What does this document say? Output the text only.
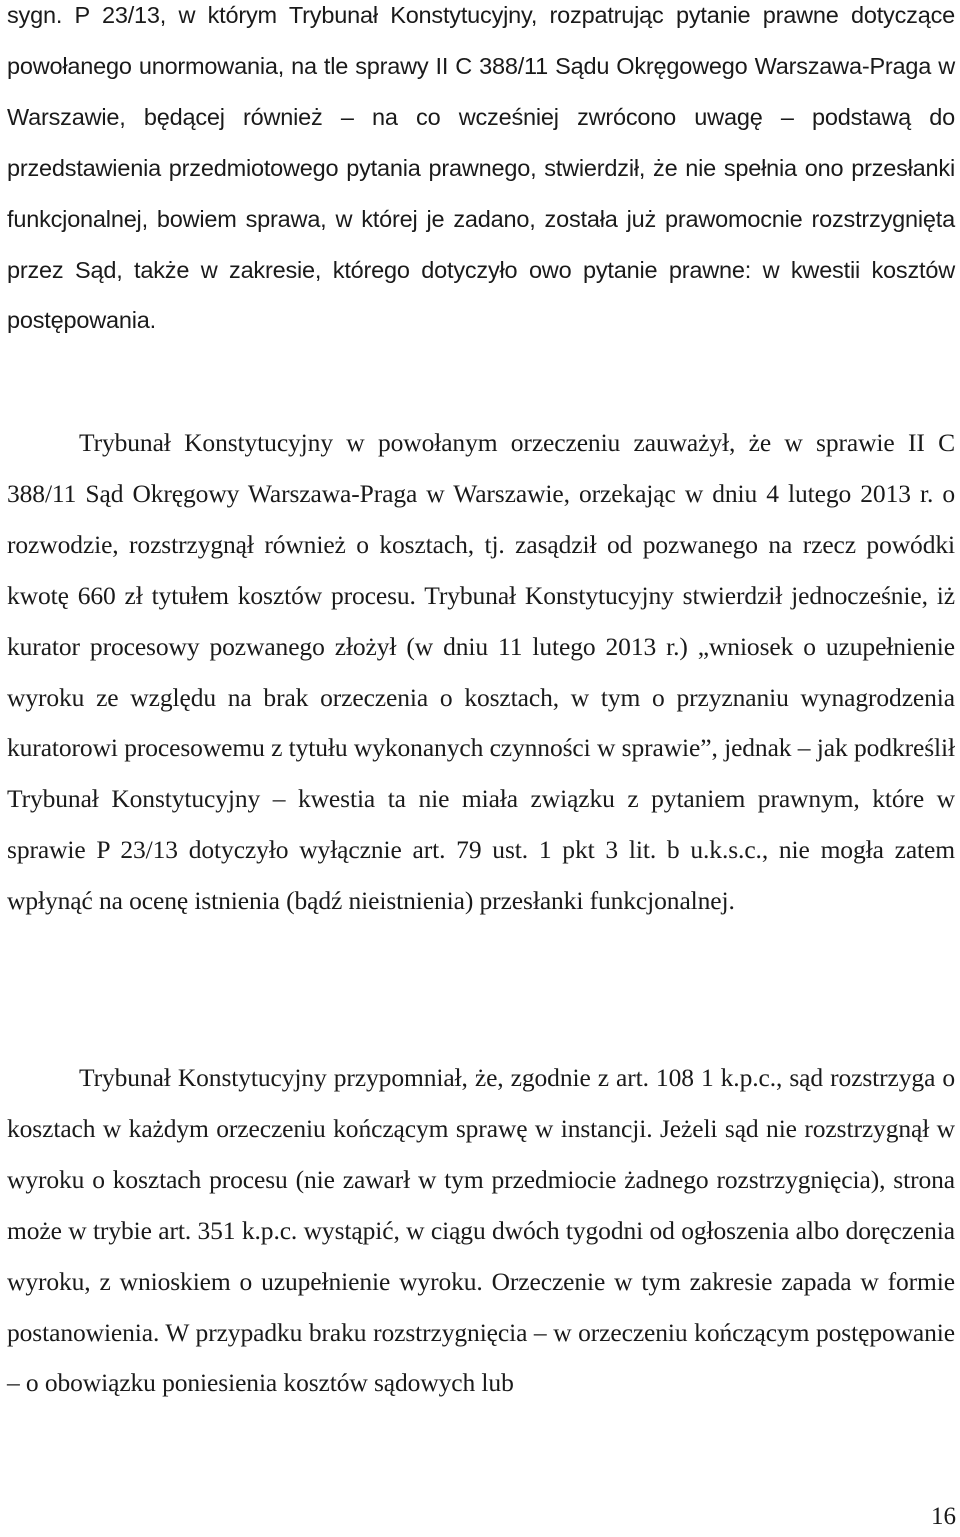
sygn. P 23/13, w którym Trybunał Konstytucyjny, rozpatrując pytanie prawne dotyczące powołanego unormowania, na tle sprawy II C 388/11 Sądu Okręgowego Warszawa-Praga w Warszawie, będącej również – na co wcześniej zwrócono uwagę – podstawą do przedstawienia przedmiotowego pytania prawnego, stwierdził, że nie spełnia ono przesłanki funkcjonalnej, bowiem sprawa, w której je zadano, została już prawomocnie rozstrzygnięta przez Sąd, także w zakresie, którego dotyczyło owo pytanie prawne: w kwestii kosztów postępowania.

Trybunał Konstytucyjny w powołanym orzeczeniu zauważył, że w sprawie II C 388/11 Sąd Okręgowy Warszawa-Praga w Warszawie, orzekając w dniu 4 lutego 2013 r. o rozwodzie, rozstrzygnął również o kosztach, tj. zasądził od pozwanego na rzecz powódki kwotę 660 zł tytułem kosztów procesu. Trybunał Konstytucyjny stwierdził jednocześnie, iż kurator procesowy pozwanego złożył (w dniu 11 lutego 2013 r.) „wniosek o uzupełnienie wyroku ze względu na brak orzeczenia o kosztach, w tym o przyznaniu wynagrodzenia kuratorowi procesowemu z tytułu wykonanych czynności w sprawie”, jednak – jak podkreślił Trybunał Konstytucyjny – kwestia ta nie miała związku z pytaniem prawnym, które w sprawie P 23/13 dotyczyło wyłącznie art. 79 ust. 1 pkt 3 lit. b u.k.s.c., nie mogła zatem wpłynąć na ocenę istnienia (bądź nieistnienia) przesłanki funkcjonalnej.

Trybunał Konstytucyjny przypomniał, że, zgodnie z art. 108 1 k.p.c., sąd rozstrzyga o kosztach w każdym orzeczeniu kończącym sprawę w instancji. Jeżeli sąd nie rozstrzygnął w wyroku o kosztach procesu (nie zawarł w tym przedmiocie żadnego rozstrzygnięcia), strona może w trybie art. 351 k.p.c. wystąpić, w ciągu dwóch tygodni od ogłoszenia albo doręczenia wyroku, z wnioskiem o uzupełnienie wyroku. Orzeczenie w tym zakresie zapada w formie postanowienia. W przypadku braku rozstrzygnięcia – w orzeczeniu kończącym postępowanie – o obowiązku poniesienia kosztów sądowych lub

16
